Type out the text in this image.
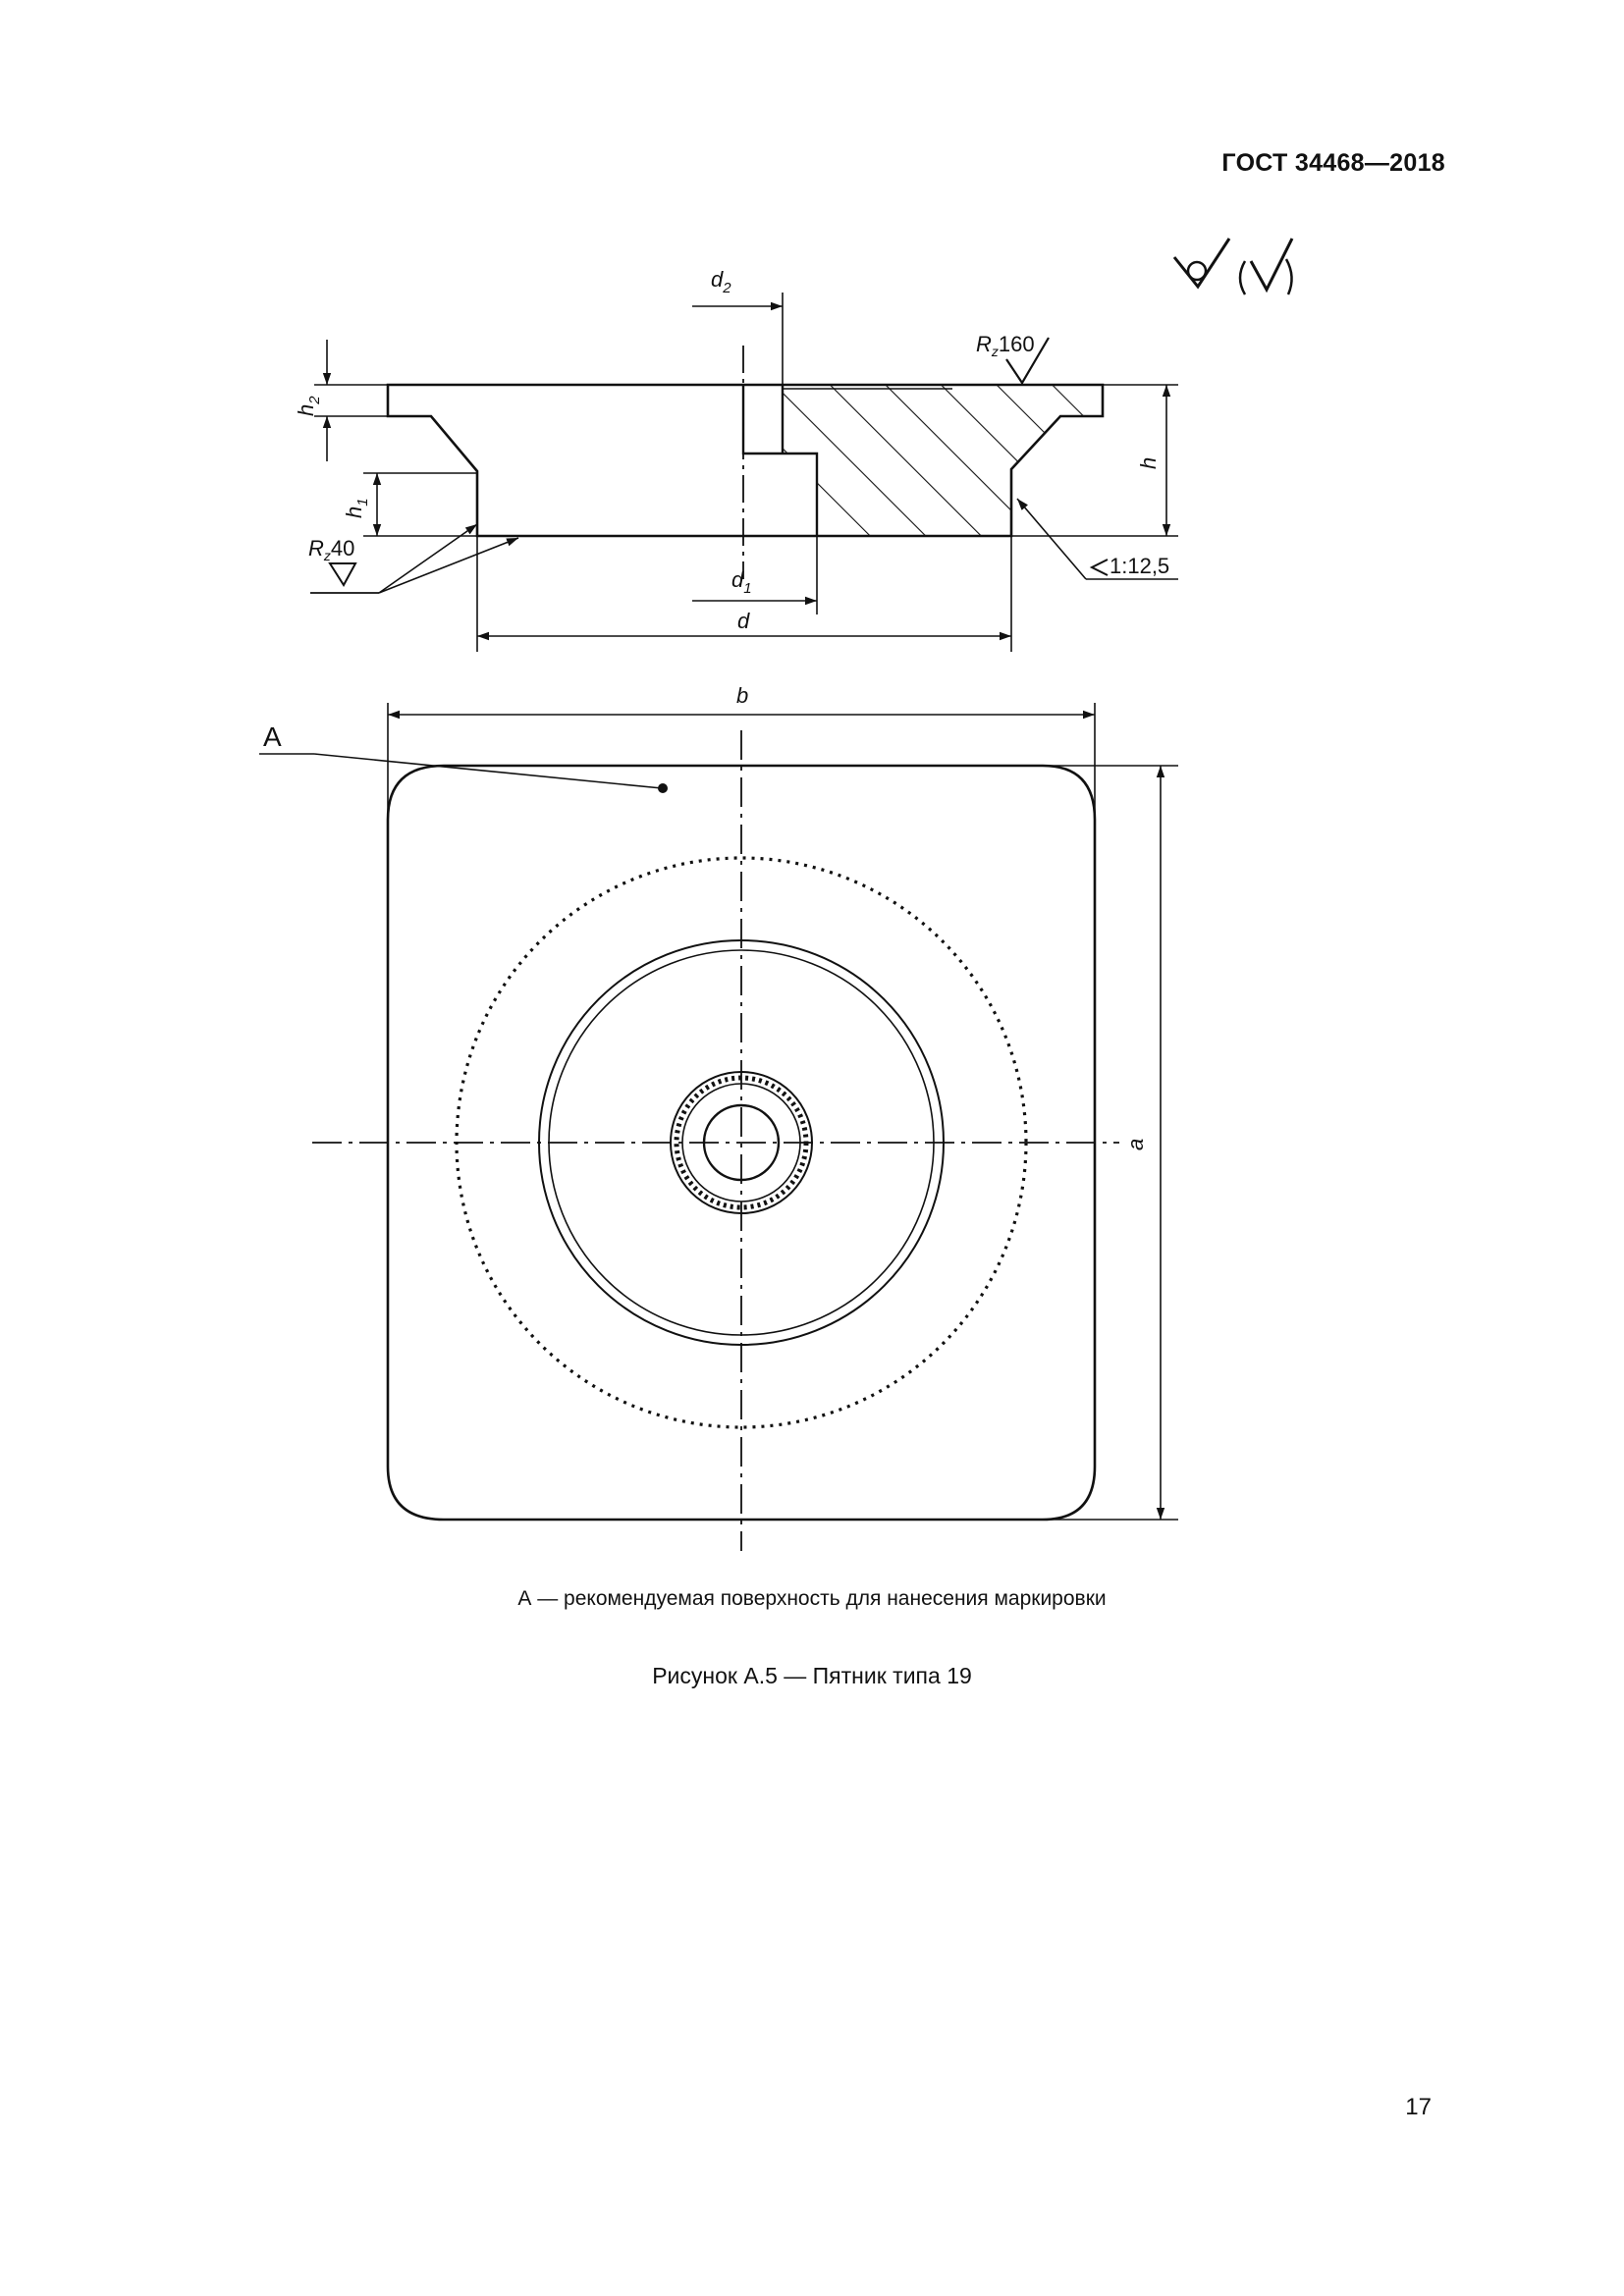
ГОСТ 34468—2018
$d_2$
$h_2$
$h_1$
h
$d_1$
d
$R_z160$
$R_z40$
1:12,5
b
a
А
А — рекомендуемая поверхность для нанесения маркировки
Рисунок А.5 — Пятник типа 19
17
